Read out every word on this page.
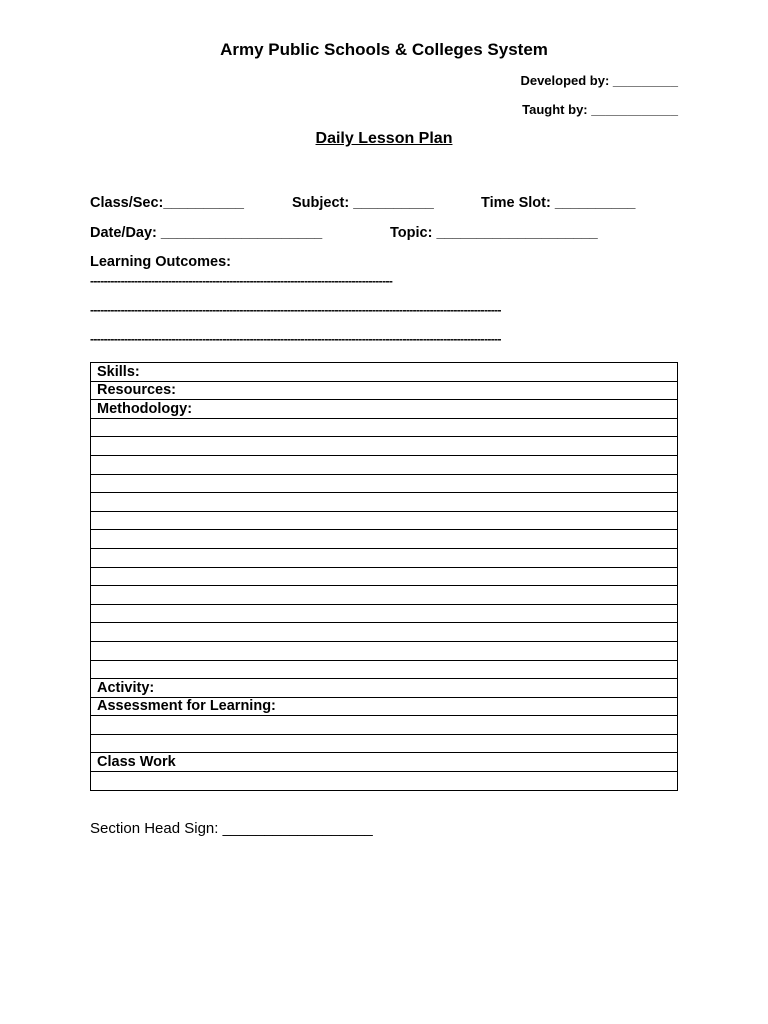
Army Public Schools & Colleges System
Developed by: _________
Taught by: ____________
Daily Lesson Plan
Class/Sec:__________	Subject: __________	Time Slot: __________
Date/Day: ____________________	Topic: ____________________
Learning Outcomes:
-----------------------------------------------------------------------------------------
-------------------------------------------------------------------------------------------------------------------------
-------------------------------------------------------------------------------------------------------------------------
Skills:
Resources:
Methodology:

Activity:
Assessment for Learning:

Class Work

Section Head Sign: __________________
